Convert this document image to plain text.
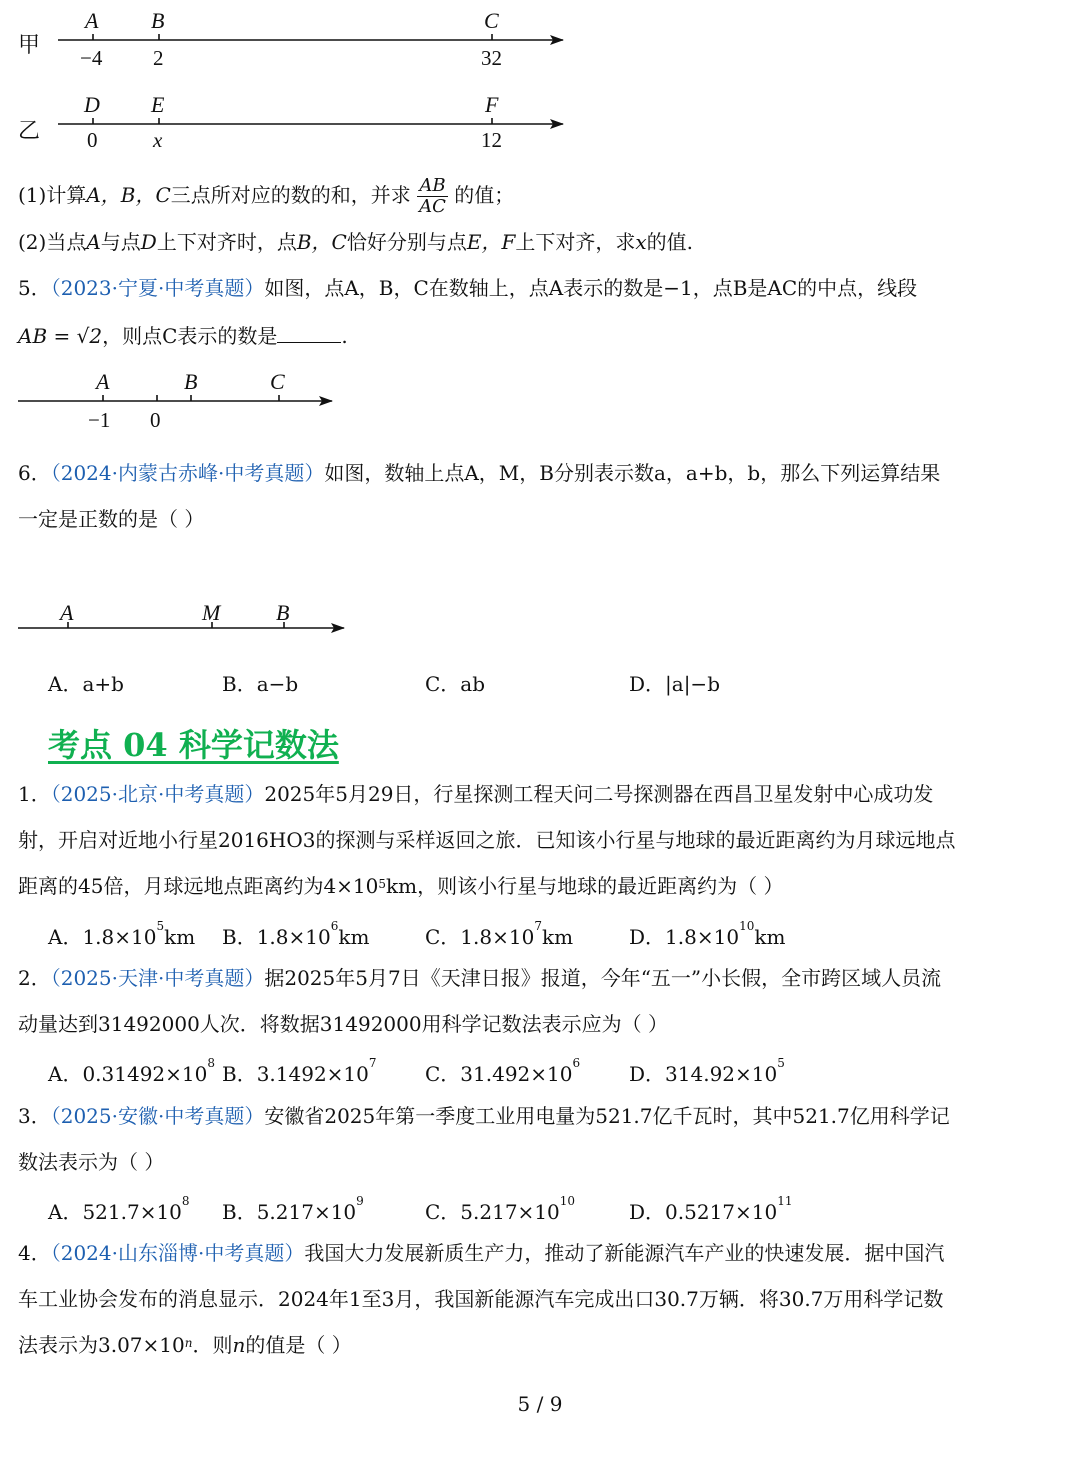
甲
A B	C
−4 2	32
乙
D E	F
0	x	12
(1)计算A，B，C三点所对应的数的和，并求 $\frac{AB}{AC}$ 的值；
(2)当点A与点D上下对齐时，点B，C恰好分别与点E，F上下对齐，求x的值.
5．（2023·宁夏·中考真题）如图，点A，B，C在数轴上，点A表示的数是−1，点B是AC的中点，线段
AB = √2，则点C表示的数是	.
A	B	C
−1 0
6．（2024·内蒙古赤峰·中考真题）如图，数轴上点A，M，B分别表示数a，a+b，b，那么下列运算结果
一定是正数的是（ ）
A	M	B
A．a+b	B．a−b	C．ab	D．|a|−b
考点 04 科学记数法
1．（2025·北京·中考真题）2025年5月29日，行星探测工程天问二号探测器在西昌卫星发射中心成功发
射，开启对近地小行星2016HO3的探测与采样返回之旅．已知该小行星与地球的最近距离约为月球远地点
距离的45倍，月球远地点距离约为$4\times 10^5km$，则该小行星与地球的最近距离约为（ ）
A．$1.8\times 10^5km$ B．$1.8\times 10^6km$	C．$1.8\times 10^7km$	D．$1.8\times 10^{10}km$
2．（2025·天津·中考真题）据2025年5月7日《天津日报》报道，今年“五一”小长假，全市跨区域人员流
动量达到31492000人次．将数据31492000用科学记数法表示应为（ ）
A．$0.31492\times 10^8$ B．$3.1492\times 10^7$ C．$31.492\times 10^6$ D．$314.92\times 10^5$
3．（2025·安徽·中考真题）安徽省2025年第一季度工业用电量为521.7亿千瓦时，其中521.7亿用科学记
数法表示为（ ）
A．$521.7\times 10^8$ B．$5.217\times 10^9$	C．$5.217\times 10^{10}$	D．$0.5217\times 10^{11}$
4．（2024·山东淄博·中考真题）我国大力发展新质生产力，推动了新能源汽车产业的快速发展．据中国汽
车工业协会发布的消息显示．2024年1至3月，我国新能源汽车完成出口30.7万辆．将30.7万用科学记数
法表示为$3.07\times 10^n$．则n的值是（ ）
5 / 9
